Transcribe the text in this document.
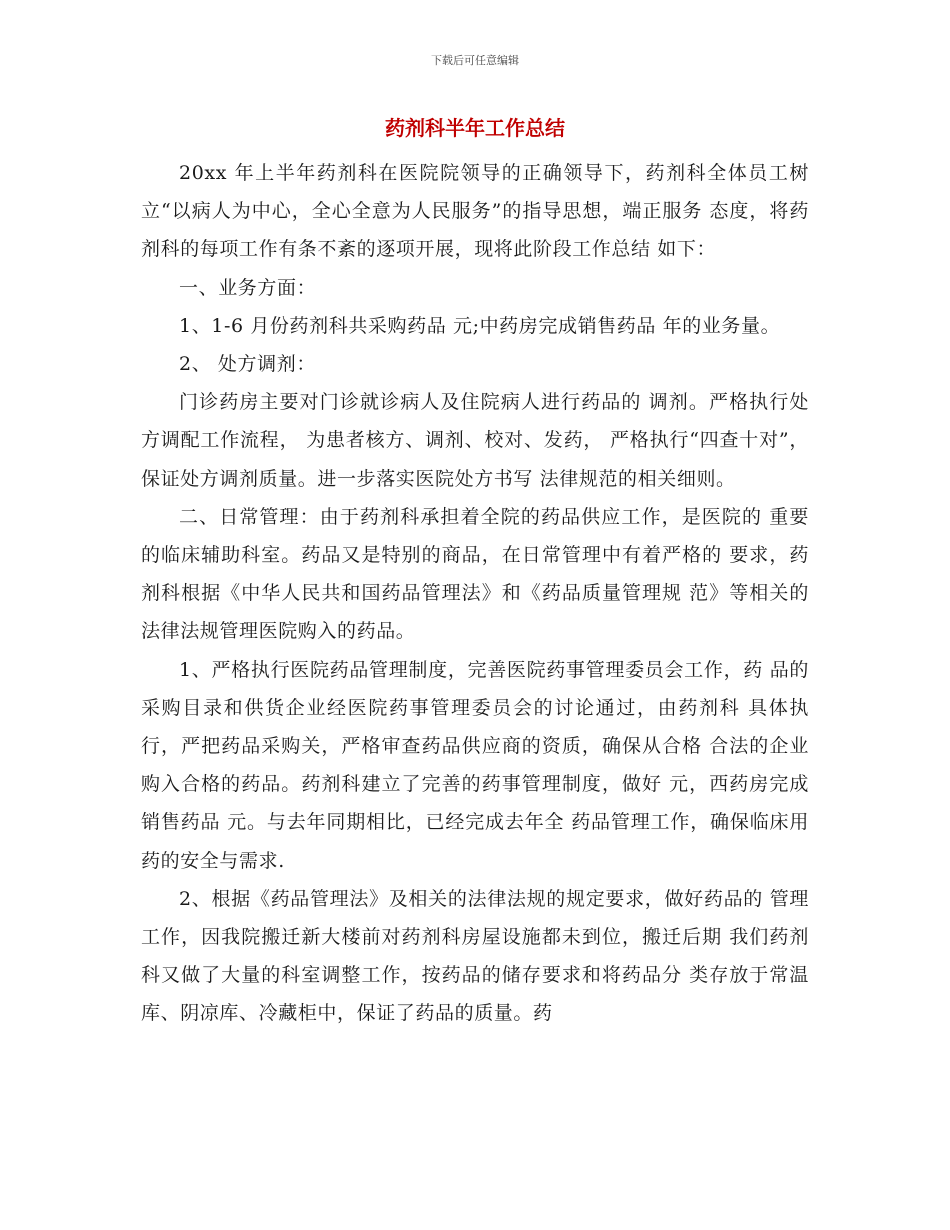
下载后可任意编辑
药剂科半年工作总结

20xx 年上半年药剂科在医院院领导的正确领导下，药剂科全体员工树立“以病人为中心，全心全意为人民服务”的指导思想，端正服务 态度，将药剂科的每项工作有条不紊的逐项开展，现将此阶段工作总结 如下：

一、业务方面：

1、1-6 月份药剂科共采购药品 元;中药房完成销售药品 年的业务量。

2、 处方调剂：

门诊药房主要对门诊就诊病人及住院病人进行药品的 调剂。严格执行处方调配工作流程， 为患者核方、调剂、校对、发药， 严格执行“四查十对”，保证处方调剂质量。进一步落实医院处方书写 法律规范的相关细则。

二、日常管理：由于药剂科承担着全院的药品供应工作，是医院的 重要的临床辅助科室。药品又是特别的商品，在日常管理中有着严格的 要求，药剂科根据《中华人民共和国药品管理法》和《药品质量管理规 范》等相关的法律法规管理医院购入的药品。

1、严格执行医院药品管理制度，完善医院药事管理委员会工作，药 品的采购目录和供货企业经医院药事管理委员会的讨论通过，由药剂科 具体执行，严把药品采购关，严格审查药品供应商的资质，确保从合格 合法的企业购入合格的药品。药剂科建立了完善的药事管理制度，做好 元，西药房完成销售药品 元。与去年同期相比，已经完成去年全 药品管理工作，确保临床用药的安全与需求.

2、根据《药品管理法》及相关的法律法规的规定要求，做好药品的 管理工作，因我院搬迁新大楼前对药剂科房屋设施都未到位，搬迁后期 我们药剂科又做了大量的科室调整工作，按药品的储存要求和将药品分 类存放于常温库、阴凉库、冷藏柜中，保证了药品的质量。药
